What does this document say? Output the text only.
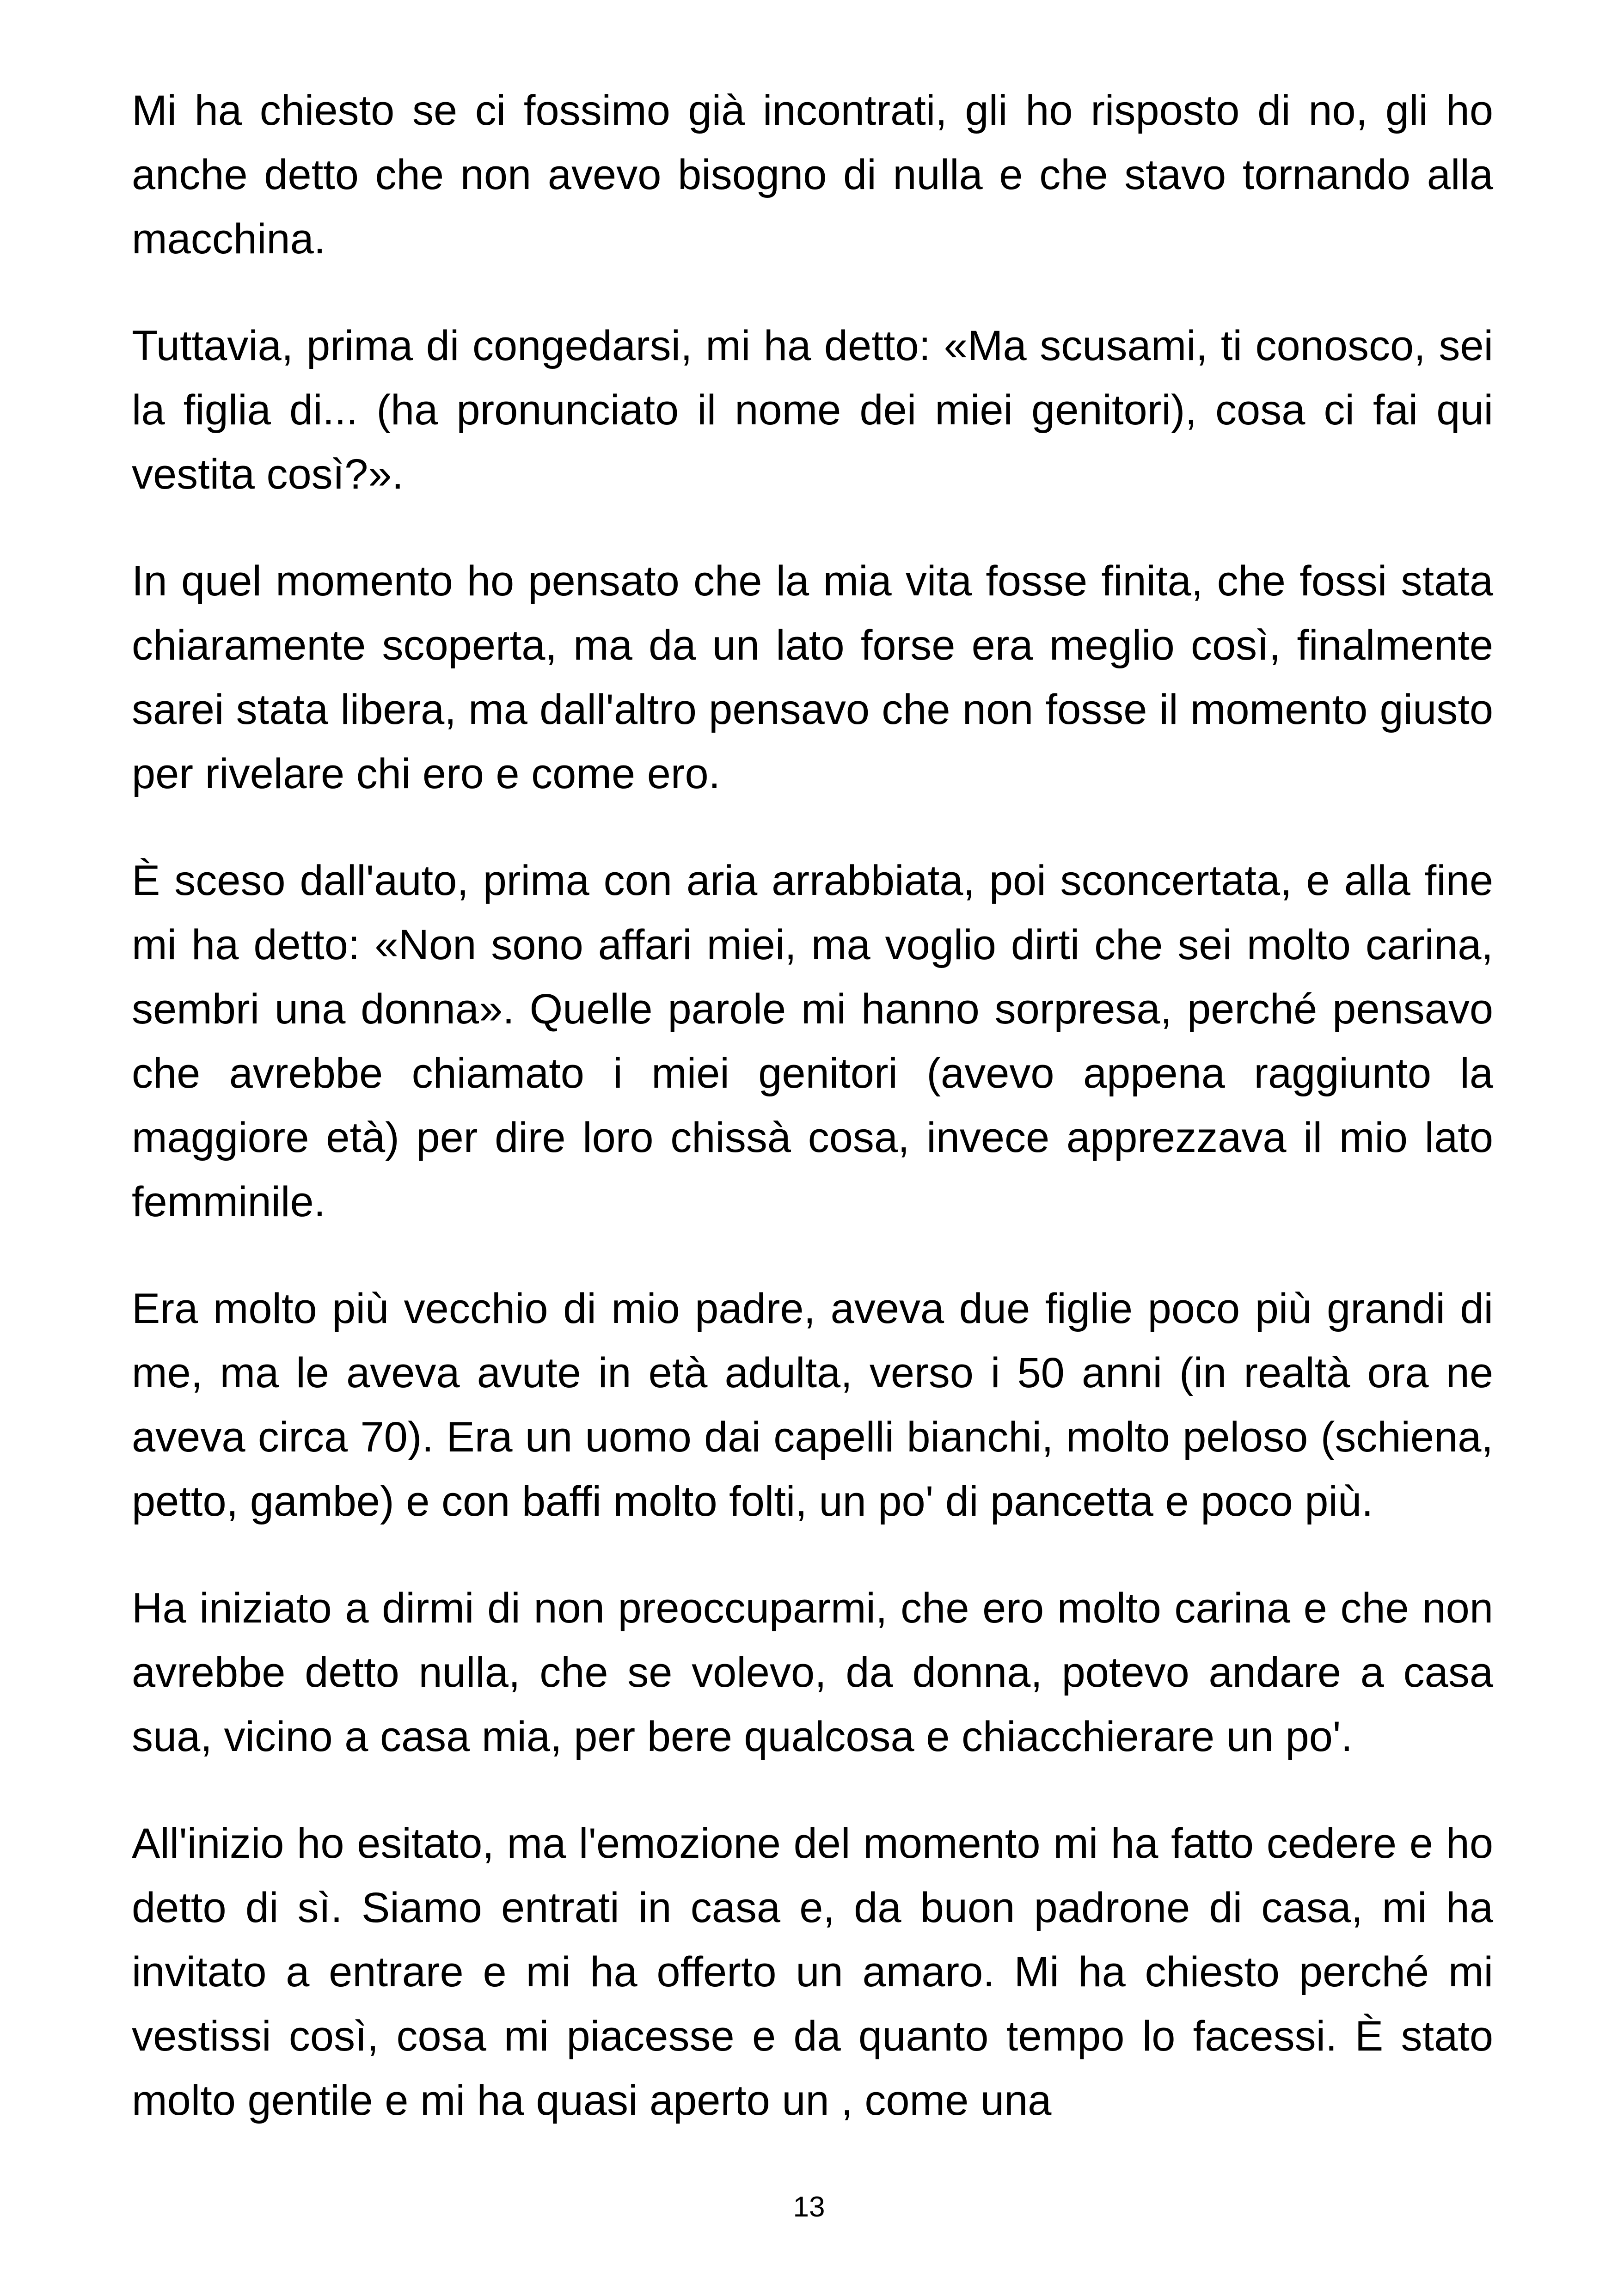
Mi ha chiesto se ci fossimo già incontrati, gli ho risposto di no, gli ho anche detto che non avevo bisogno di nulla e che stavo tornando alla macchina.

Tuttavia, prima di congedarsi, mi ha detto: «Ma scusami, ti conosco, sei la figlia di... (ha pronunciato il nome dei miei genitori), cosa ci fai qui vestita così?».

In quel momento ho pensato che la mia vita fosse finita, che fossi stata chiaramente scoperta, ma da un lato forse era meglio così, finalmente sarei stata libera, ma dall'altro pensavo che non fosse il momento giusto per rivelare chi ero e come ero.

È sceso dall'auto, prima con aria arrabbiata, poi sconcertata, e alla fine mi ha detto: «Non sono affari miei, ma voglio dirti che sei molto carina, sembri una donna». Quelle parole mi hanno sorpresa, perché pensavo che avrebbe chiamato i miei genitori (avevo appena raggiunto la maggiore età) per dire loro chissà cosa, invece apprezzava il mio lato femminile.

Era molto più vecchio di mio padre, aveva due figlie poco più grandi di me, ma le aveva avute in età adulta, verso i 50 anni (in realtà ora ne aveva circa 70). Era un uomo dai capelli bianchi, molto peloso (schiena, petto, gambe) e con baffi molto folti, un po' di pancetta e poco più.

Ha iniziato a dirmi di non preoccuparmi, che ero molto carina e che non avrebbe detto nulla, che se volevo, da donna, potevo andare a casa sua, vicino a casa mia, per bere qualcosa e chiacchierare un po'.

All'inizio ho esitato, ma l'emozione del momento mi ha fatto cedere e ho detto di sì. Siamo entrati in casa e, da buon padrone di casa, mi ha invitato a entrare e mi ha offerto un amaro. Mi ha chiesto perché mi vestissi così, cosa mi piacesse e da quanto tempo lo facessi. È stato molto gentile e mi ha quasi aperto un , come una

13
